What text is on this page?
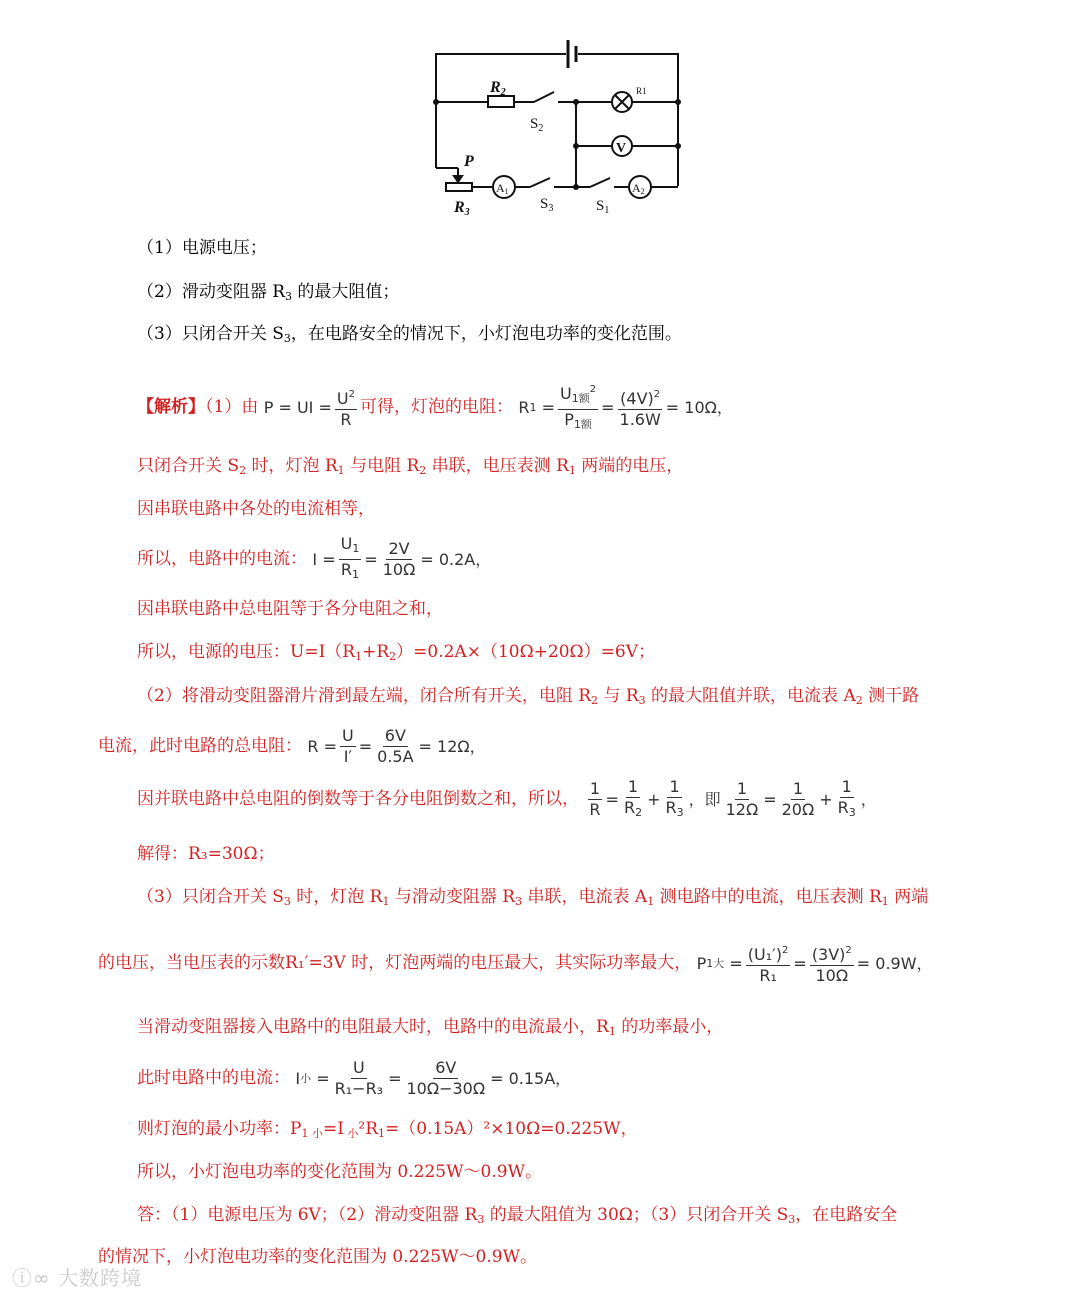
R2
P
R3
$S_2$
R1
V
A1
$S_3$	$S_1$
A2
（1）电源电压；
（2）滑动变阻器 $R_3$ 的最大阻值；
（3）只闭合开关 $S_3$，在电路安全的情况下，小灯泡电功率的变化范围。
【解析】（1）由 P = UI = $\frac{U^2}{R}$ 可得，灯泡的电阻： R $1 = \frac{U_{1额}^2}{P_{1额}} = \frac{(4V)^2}{1.6W} = 10\Omega$，
只闭合开关 $S_2$ 时，灯泡 $R_1$ 与电阻 $R_2$ 串联，电压表测 $R_1$ 两端的电压，
因串联电路中各处的电流相等，
所以，电路中的电流： $I = \frac{U_1}{R_1} = \frac{2V}{10\Omega} = 0.2A$，
因串联电路中总电阻等于各分电阻之和，
所以，电源的电压：$U=I(R_1+R_2)=0.2A\times(10\Omega+20\Omega)=6V$；
（2）将滑动变阻器滑片滑到最左端，闭合所有开关，电阻 $R_2$ 与 $R_3$ 的最大阻值并联，电流表 $A_2$ 测干路
电流，此时电路的总电阻： $R = \frac{U}{I'} = \frac{6V}{0.5A} = 12\Omega$，
因并联电路中总电阻的倒数等于各分电阻倒数之和，所以， $\frac{1}{R} = \frac{1}{R_2} + \frac{1}{R_3}$ ，即 $\frac{1}{12\Omega} = \frac{1}{20\Omega} + \frac{1}{R_3}$ ，
解得：R₃=30Ω；
（3）只闭合开关 $S_3$ 时，灯泡 $R_1$ 与滑动变阻器 $R_3$ 串联，电流表 $A_1$ 测电路中的电流，电压表测 $R_1$ 两端
的电压，当电压表的示数R₁′=3V 时，灯泡两端的电压最大，其实际功率最大， P 1大 = $\frac{(U_1')^2}{\text{R₁}} = \frac{(3V)^2}{10\Omega} = 0.9W$，
当滑动变阻器接入电路中的电阻最大时，电路中的电流最小，$R_1$ 的功率最小，
此时电路中的电流： I 小 = $\frac{U}{\text{R₁−R₃}} = \frac{6V}{10\Omega-30\Omega} = 0.15A$，
则灯泡的最小功率：$P_{1 小}=I$ $_小^2R_1=(0.15A)^2\times 10\Omega=0.225W$，
所以，小灯泡电功率的变化范围为 0.225W～0.9W。
答：（1）电源电压为 6V；（2）滑动变阻器 $R_3$ 的最大阻值为 30Ω；（3）只闭合开关 $S_3$，在电路安全
的情况下，小灯泡电功率的变化范围为 0.225W～0.9W。
ⓘ∞ 大数跨境
